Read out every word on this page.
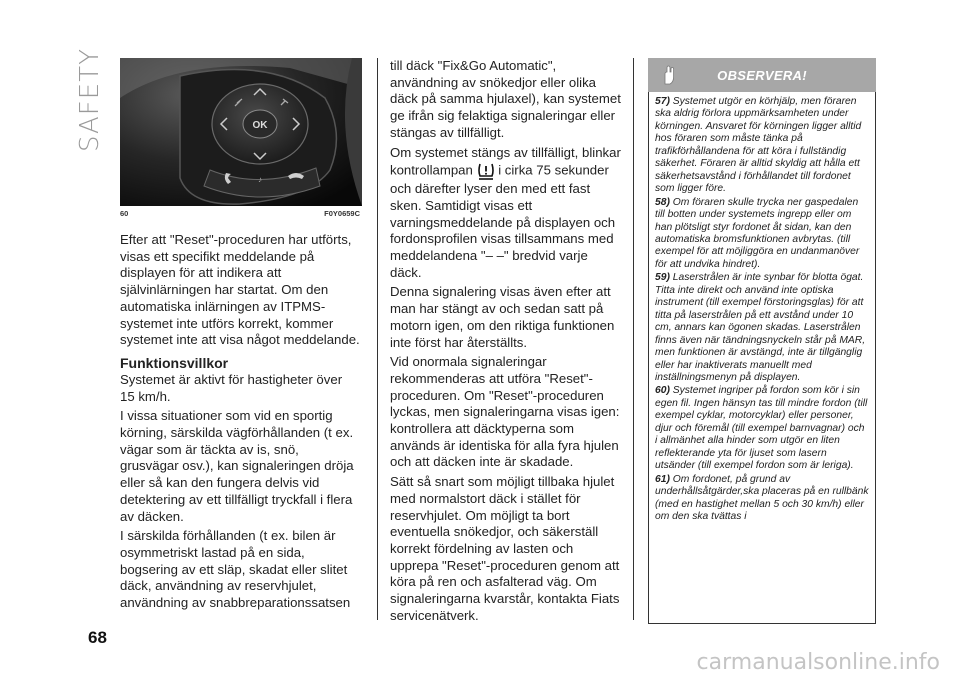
SAFETY	OK
♪
60	F0Y0659C

Efter att "Reset"-proceduren har utförts, visas ett specifikt meddelande på displayen för att indikera att självinlärningen har startat. Om den automatiska inlärningen av ITPMS-systemet inte utförs korrekt, kommer systemet inte att visa något meddelande.

Funktionsvillkor

Systemet är aktivt för hastigheter över 15 km/h.

I vissa situationer som vid en sportig körning, särskilda vägförhållanden (t ex. vägar som är täckta av is, snö, grusvägar osv.), kan signaleringen dröja eller så kan den fungera delvis vid detektering av ett tillfälligt tryckfall i flera av däcken.

I särskilda förhållanden (t ex. bilen är osymmetriskt lastad på en sida, bogsering av ett släp, skadat eller slitet däck, användning av reservhjulet, användning av snabbreparationssatsen

till däck "Fix&Go Automatic", användning av snökedjor eller olika däck på samma hjulaxel), kan systemet ge ifrån sig felaktiga signaleringar eller stängas av tillfälligt.

Om systemet stängs av tillfälligt, blinkar kontrollampan i cirka 75 sekunder och därefter lyser den med ett fast sken. Samtidigt visas ett varningsmeddelande på displayen och fordonsprofilen visas tillsammans med meddelandena "– –" bredvid varje däck.

Denna signalering visas även efter att man har stängt av och sedan satt på motorn igen, om den riktiga funktionen inte först har återställts.

Vid onormala signaleringar rekommenderas att utföra "Reset"-proceduren. Om "Reset"-proceduren lyckas, men signaleringarna visas igen: kontrollera att däcktyperna som används är identiska för alla fyra hjulen och att däcken inte är skadade.

Sätt så snart som möjligt tillbaka hjulet med normalstort däck i stället för reservhjulet. Om möjligt ta bort eventuella snökedjor, och säkerställ korrekt fördelning av lasten och upprepa "Reset"-proceduren genom att köra på ren och asfalterad väg. Om signaleringarna kvarstår, kontakta Fiats servicenätverk.

OBSERVERA!

57) Systemet utgör en körhjälp, men föraren ska aldrig förlora uppmärksamheten under körningen. Ansvaret för körningen ligger alltid hos föraren som måste tänka på trafikförhållandena för att köra i fullständig säkerhet. Föraren är alltid skyldig att hålla ett säkerhetsavstånd i förhållandet till fordonet som ligger före.

58) Om föraren skulle trycka ner gaspedalen till botten under systemets ingrepp eller om han plötsligt styr fordonet åt sidan, kan den automatiska bromsfunktionen avbrytas. (till exempel för att möjliggöra en undanmanöver för att undvika hindret).

59) Laserstrålen är inte synbar för blotta ögat. Titta inte direkt och använd inte optiska instrument (till exempel förstoringsglas) för att titta på laserstrålen på ett avstånd under 10 cm, annars kan ögonen skadas. Laserstrålen finns även när tändningsnyckeln står på MAR, men funktionen är avstängd, inte är tillgänglig eller har inaktiverats manuellt med inställningsmenyn på displayen.

60) Systemet ingriper på fordon som kör i sin egen fil. Ingen hänsyn tas till mindre fordon (till exempel cyklar, motorcyklar) eller personer, djur och föremål (till exempel barnvagnar) och i allmänhet alla hinder som utgör en liten reflekterande yta för ljuset som lasern utsänder (till exempel fordon som är leriga).

61) Om fordonet, på grund av underhållsåtgärder,ska placeras på en rullbänk (med en hastighet mellan 5 och 30 km/h) eller om den ska tvättas i

68
carmanualsonline.info
